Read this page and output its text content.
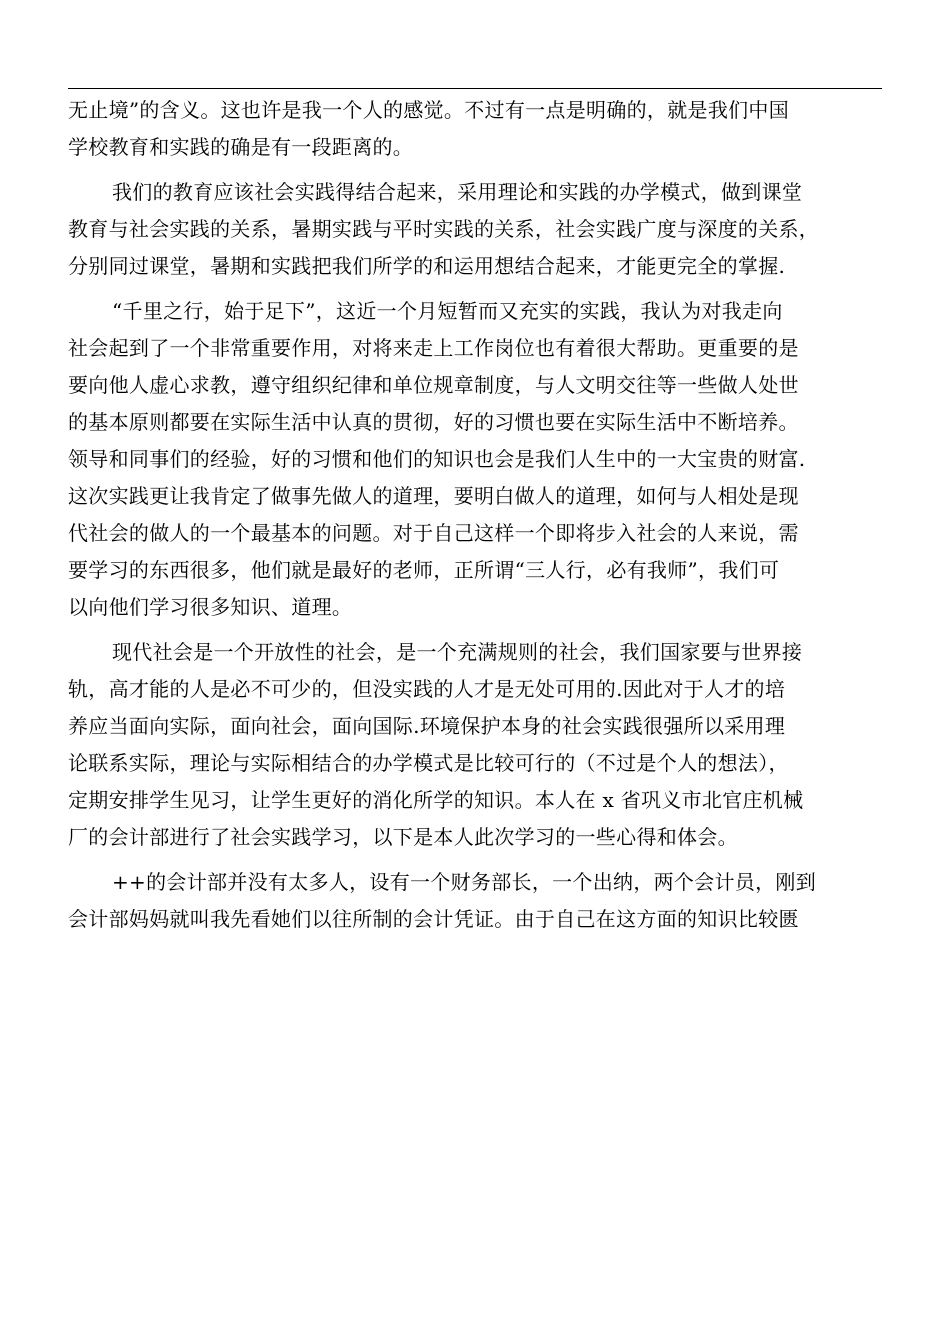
无止境”的含义。这也许是我一个人的感觉。不过有一点是明确的，就是我们中国
学校教育和实践的确是有一段距离的。
我们的教育应该社会实践得结合起来，采用理论和实践的办学模式，做到课堂
教育与社会实践的关系，暑期实践与平时实践的关系，社会实践广度与深度的关系，
分别同过课堂，暑期和实践把我们所学的和运用想结合起来，才能更完全的掌握.
“千里之行，始于足下”，这近一个月短暂而又充实的实践，我认为对我走向
社会起到了一个非常重要作用，对将来走上工作岗位也有着很大帮助。更重要的是
要向他人虚心求教，遵守组织纪律和单位规章制度，与人文明交往等一些做人处世
的基本原则都要在实际生活中认真的贯彻，好的习惯也要在实际生活中不断培养。
领导和同事们的经验，好的习惯和他们的知识也会是我们人生中的一大宝贵的财富.
这次实践更让我肯定了做事先做人的道理，要明白做人的道理，如何与人相处是现
代社会的做人的一个最基本的问题。对于自己这样一个即将步入社会的人来说，需
要学习的东西很多，他们就是最好的老师，正所谓“三人行，必有我师”，我们可
以向他们学习很多知识、道理。
现代社会是一个开放性的社会，是一个充满规则的社会，我们国家要与世界接
轨，高才能的人是必不可少的，但没实践的人才是无处可用的.因此对于人才的培
养应当面向实际，面向社会，面向国际.环境保护本身的社会实践很强所以采用理
论联系实际，理论与实际相结合的办学模式是比较可行的（不过是个人的想法），
定期安排学生见习，让学生更好的消化所学的知识。本人在 x 省巩义市北官庄机械
厂的会计部进行了社会实践学习，以下是本人此次学习的一些心得和体会。
++的会计部并没有太多人，设有一个财务部长，一个出纳，两个会计员，刚到
会计部妈妈就叫我先看她们以往所制的会计凭证。由于自己在这方面的知识比较匮
